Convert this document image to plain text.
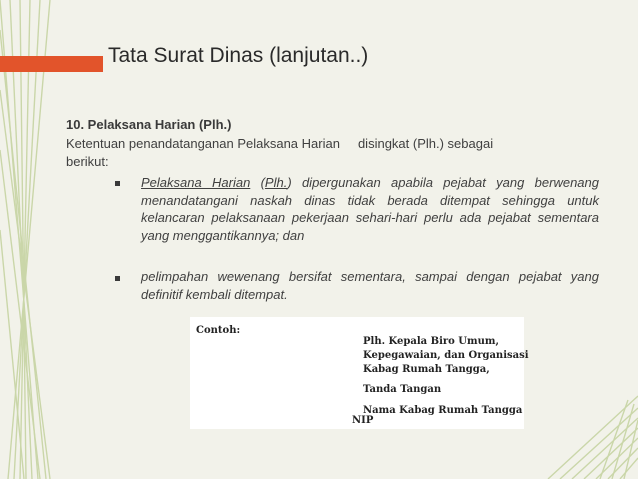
Tata Surat Dinas (lanjutan..)
10. Pelaksana Harian (Plh.)
Ketentuan penandatanganan Pelaksana Harian disingkat (Plh.) sebagai
berikut:
Pelaksana Harian (Plh.) dipergunakan apabila pejabat yang berwenang menandatangani naskah dinas tidak berada ditempat sehingga untuk kelancaran pelaksanaan pekerjaan sehari-hari perlu ada pejabat sementara yang menggantikannya; dan
pelimpahan wewenang bersifat sementara, sampai dengan pejabat yang definitif kembali ditempat.
Contoh:
Plh. Kepala Biro Umum,
Kepegawaian, dan Organisasi
Kabag Rumah Tangga,
Tanda Tangan
Nama Kabag Rumah Tangga
NIP
